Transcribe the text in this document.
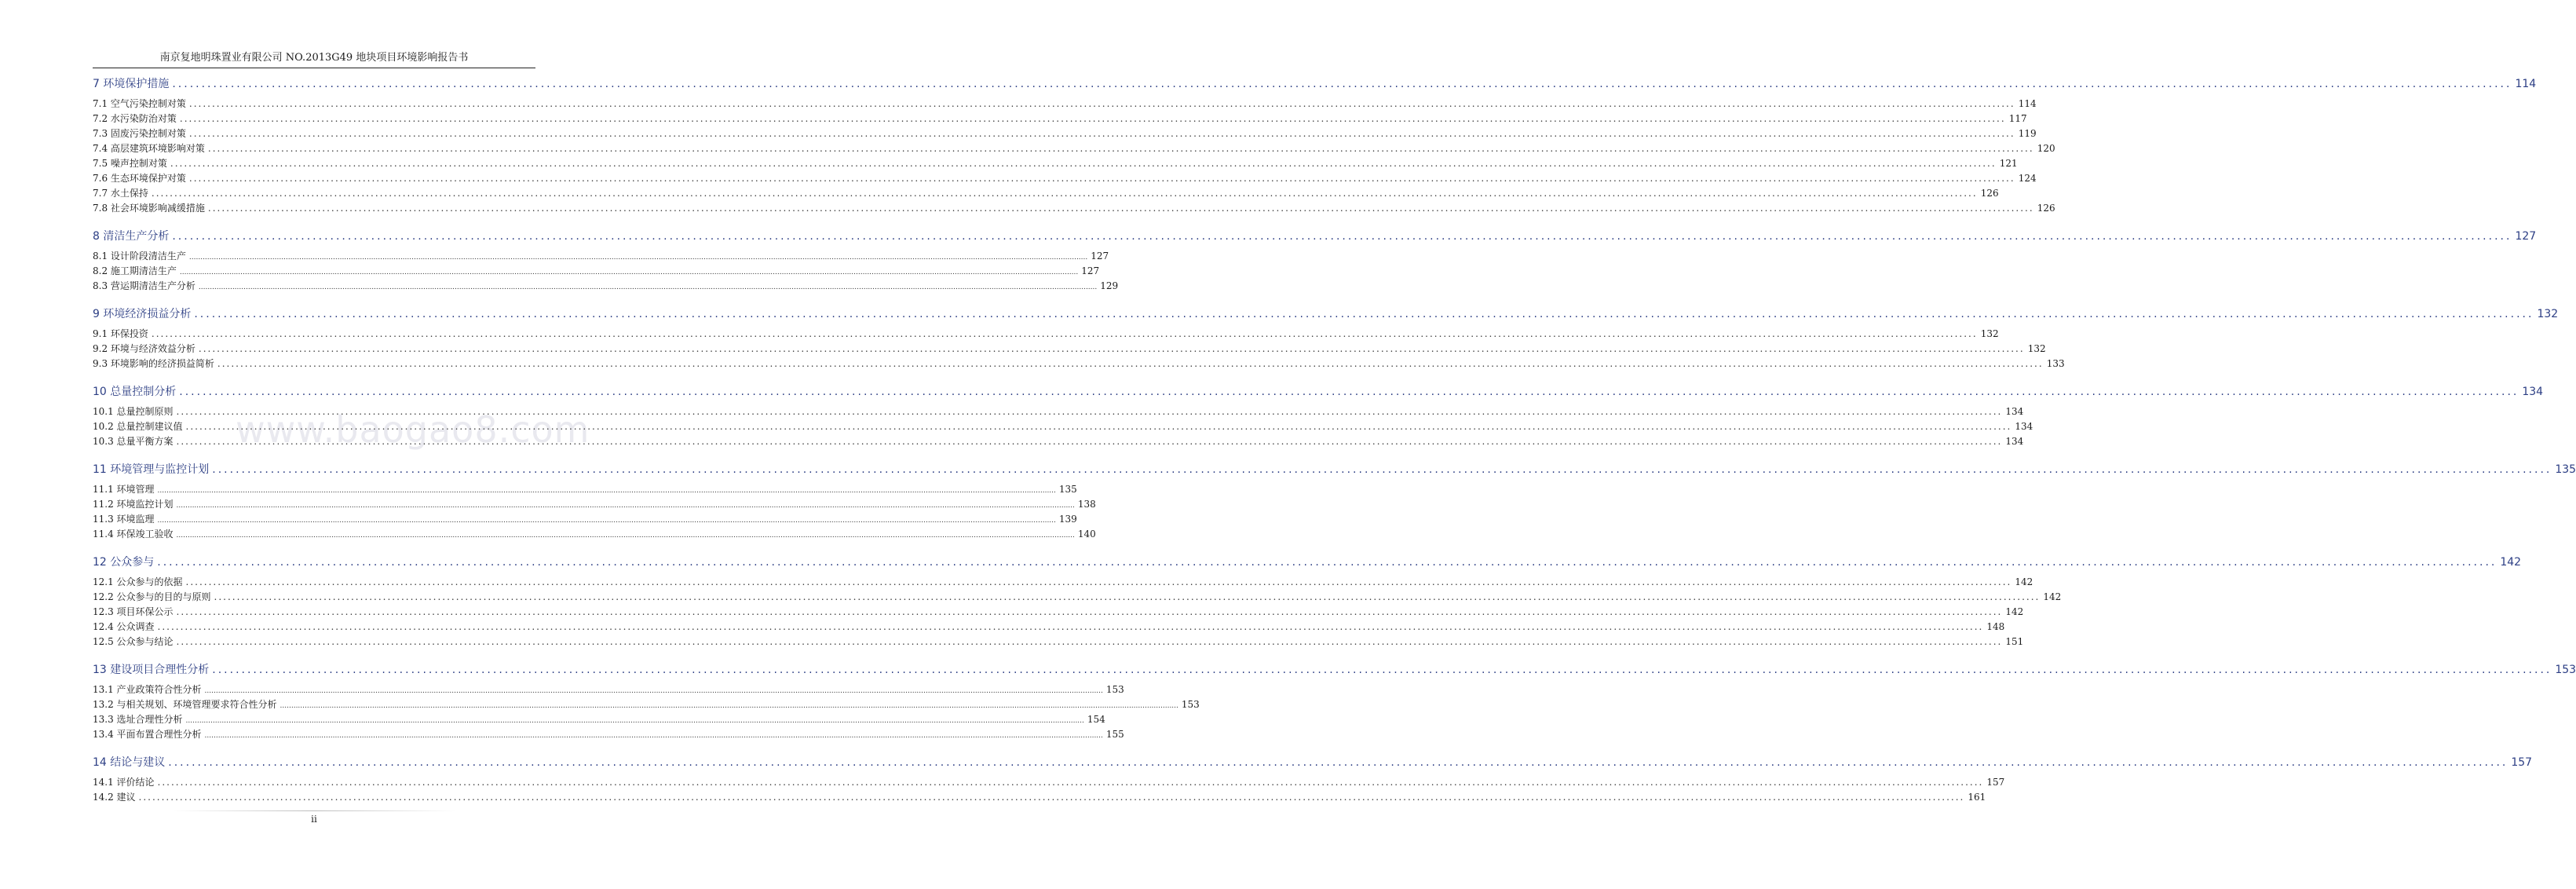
南京复地明珠置业有限公司 NO.2013G49 地块项目环境影响报告书
www.baogao8.com
7 环境保护措施 ................................................................................................................................................................................................................................................................................................................................................................................................................ 114
7.1 空气污染控制对策 ................................................................................................................................................................................................................................................................................................................................................................................................................ 114
7.2 水污染防治对策 ................................................................................................................................................................................................................................................................................................................................................................................................................ 117
7.3 固废污染控制对策 ................................................................................................................................................................................................................................................................................................................................................................................................................ 119
7.4 高层建筑环境影响对策 ................................................................................................................................................................................................................................................................................................................................................................................................................ 120
7.5 噪声控制对策 ................................................................................................................................................................................................................................................................................................................................................................................................................ 121
7.6 生态环境保护对策 ................................................................................................................................................................................................................................................................................................................................................................................................................ 124
7.7 水土保持 ................................................................................................................................................................................................................................................................................................................................................................................................................ 126
7.8 社会环境影响减缓措施 ................................................................................................................................................................................................................................................................................................................................................................................................................ 126
8 清洁生产分析 ................................................................................................................................................................................................................................................................................................................................................................................................................ 127
8.1 设计阶段清洁生产 ................................................................................................................................................................................................................................................................................................................................................................................................................ 127
8.2 施工期清洁生产 ................................................................................................................................................................................................................................................................................................................................................................................................................ 127
8.3 营运期清洁生产分析 ................................................................................................................................................................................................................................................................................................................................................................................................................ 129
9 环境经济损益分析 ................................................................................................................................................................................................................................................................................................................................................................................................................ 132
9.1 环保投资 ................................................................................................................................................................................................................................................................................................................................................................................................................ 132
9.2 环境与经济效益分析 ................................................................................................................................................................................................................................................................................................................................................................................................................ 132
9.3 环境影响的经济损益简析 ................................................................................................................................................................................................................................................................................................................................................................................................................ 133
10 总量控制分析 ................................................................................................................................................................................................................................................................................................................................................................................................................ 134
10.1 总量控制原则 ................................................................................................................................................................................................................................................................................................................................................................................................................ 134
10.2 总量控制建议值 ................................................................................................................................................................................................................................................................................................................................................................................................................ 134
10.3 总量平衡方案 ................................................................................................................................................................................................................................................................................................................................................................................................................ 134
11 环境管理与监控计划 ................................................................................................................................................................................................................................................................................................................................................................................................................ 135
11.1 环境管理 ................................................................................................................................................................................................................................................................................................................................................................................................................ 135
11.2 环境监控计划 ................................................................................................................................................................................................................................................................................................................................................................................................................ 138
11.3 环境监理 ................................................................................................................................................................................................................................................................................................................................................................................................................ 139
11.4 环保竣工验收 ................................................................................................................................................................................................................................................................................................................................................................................................................ 140
12 公众参与 ................................................................................................................................................................................................................................................................................................................................................................................................................ 142
12.1 公众参与的依据 ................................................................................................................................................................................................................................................................................................................................................................................................................ 142
12.2 公众参与的目的与原则 ................................................................................................................................................................................................................................................................................................................................................................................................................ 142
12.3 项目环保公示 ................................................................................................................................................................................................................................................................................................................................................................................................................ 142
12.4 公众调查 ................................................................................................................................................................................................................................................................................................................................................................................................................ 148
12.5 公众参与结论 ................................................................................................................................................................................................................................................................................................................................................................................................................ 151
13 建设项目合理性分析 ................................................................................................................................................................................................................................................................................................................................................................................................................ 153
13.1 产业政策符合性分析 ................................................................................................................................................................................................................................................................................................................................................................................................................ 153
13.2 与相关规划、环境管理要求符合性分析 ................................................................................................................................................................................................................................................................................................................................................................................................................ 153
13.3 选址合理性分析 ................................................................................................................................................................................................................................................................................................................................................................................................................ 154
13.4 平面布置合理性分析 ................................................................................................................................................................................................................................................................................................................................................................................................................ 155
14 结论与建议 ................................................................................................................................................................................................................................................................................................................................................................................................................ 157
14.1 评价结论 ................................................................................................................................................................................................................................................................................................................................................................................................................ 157
14.2 建议 ................................................................................................................................................................................................................................................................................................................................................................................................................ 161
ii
